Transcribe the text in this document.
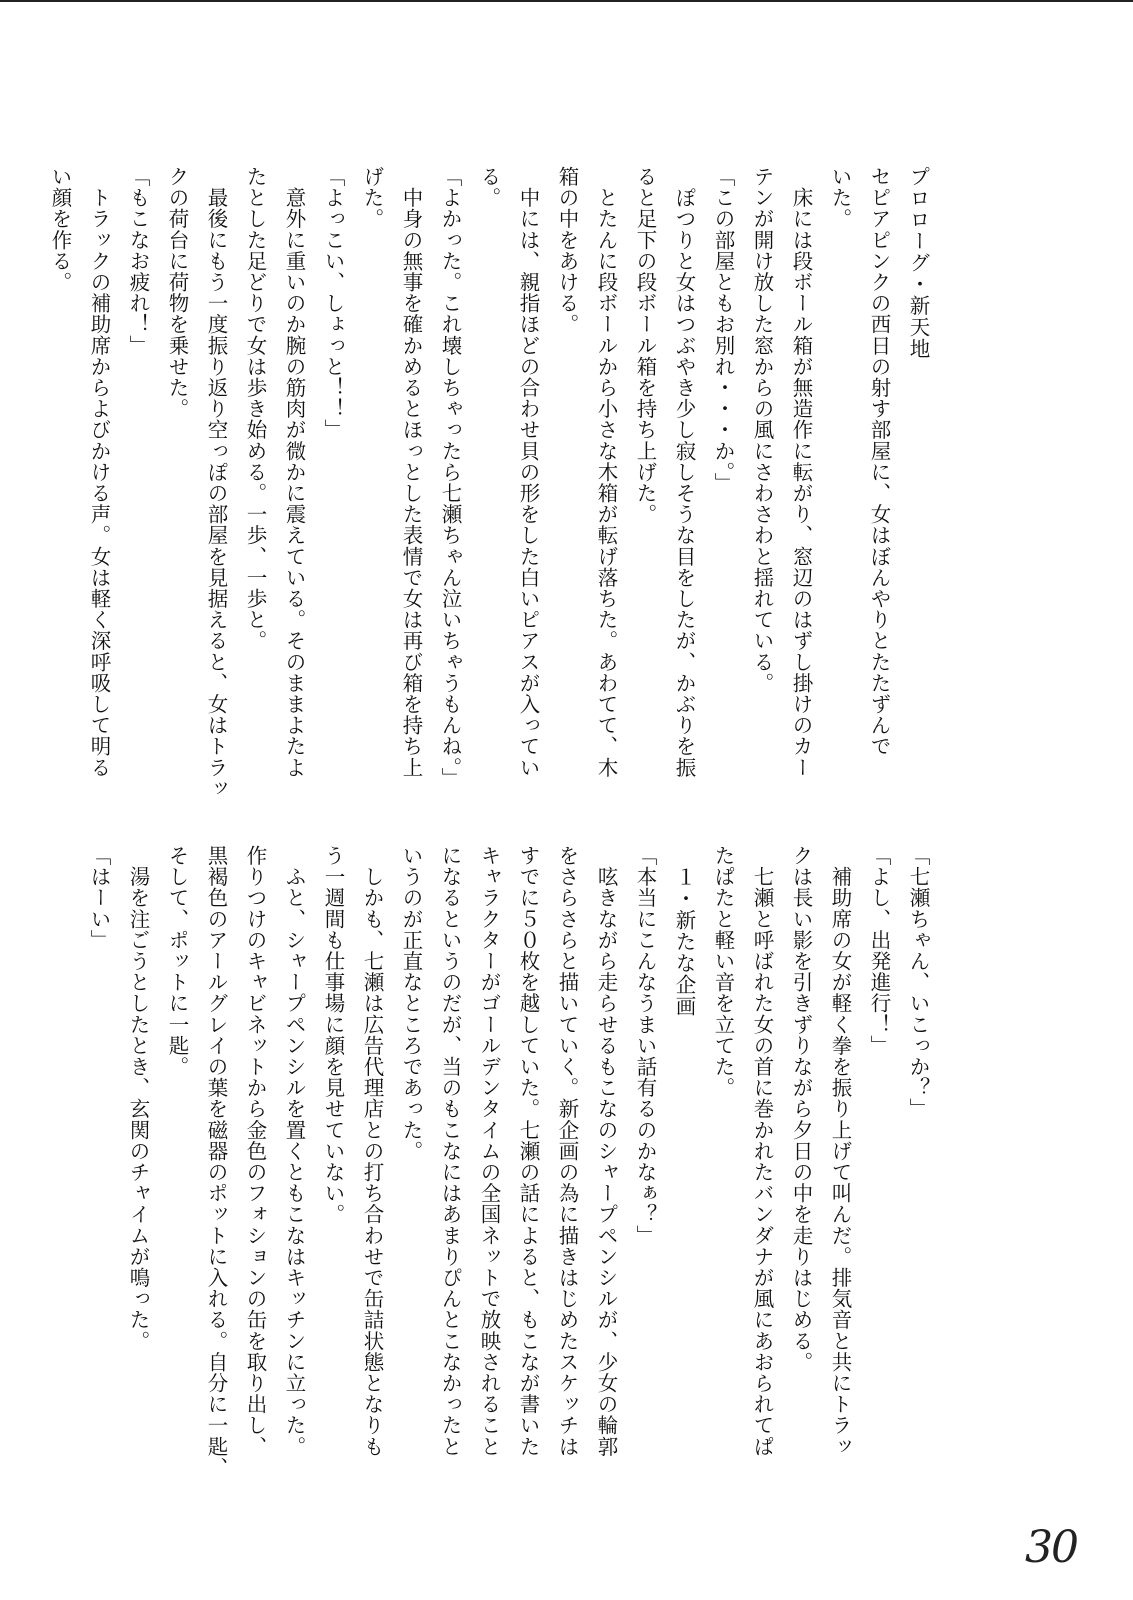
プロローグ・新天地
セピアピンクの西日の射す部屋に、女はぼんやりとたたずんで
いた。
　床には段ボール箱が無造作に転がり、窓辺のはずし掛けのカー
テンが開け放した窓からの風にさわさわと揺れている。
「この部屋ともお別れ・・・か。」
　ぽつりと女はつぶやき少し寂しそうな目をしたが、かぶりを振
ると足下の段ボール箱を持ち上げた。
　とたんに段ボールから小さな木箱が転げ落ちた。あわてて、木
箱の中をあける。
　中には、親指ほどの合わせ貝の形をした白いピアスが入ってい
る。
「よかった。これ壊しちゃったら七瀬ちゃん泣いちゃうもんね。」
　中身の無事を確かめるとほっとした表情で女は再び箱を持ち上
げた。
「よっこい、しょっと！！」
　意外に重いのか腕の筋肉が微かに震えている。そのままよたよ
たとした足どりで女は歩き始める。一歩、一歩と。
　最後にもう一度振り返り空っぽの部屋を見据えると、女はトラッ
クの荷台に荷物を乗せた。
「もこなお疲れ！」
　トラックの補助席からよびかける声。女は軽く深呼吸して明る
い顔を作る。
「七瀬ちゃん、いこっか？」
「よし、出発進行！」
　補助席の女が軽く拳を振り上げて叫んだ。排気音と共にトラッ
クは長い影を引きずりながら夕日の中を走りはじめる。
　七瀬と呼ばれた女の首に巻かれたバンダナが風にあおられてぱ
たぱたと軽い音を立てた。
　１・新たな企画
「本当にこんなうまい話有るのかなぁ？」
　呟きながら走らせるもこなのシャープペンシルが、少女の輪郭
をさらさらと描いていく。新企画の為に描きはじめたスケッチは
すでに５０枚を越していた。七瀬の話によると、もこなが書いた
キャラクターがゴールデンタイムの全国ネットで放映されること
になるというのだが、当のもこなにはあまりぴんとこなかったと
いうのが正直なところであった。
　しかも、七瀬は広告代理店との打ち合わせで缶詰状態となりも
う一週間も仕事場に顔を見せていない。
　ふと、シャープペンシルを置くともこなはキッチンに立った。
作りつけのキャビネットから金色のフォションの缶を取り出し、
黒褐色のアールグレイの葉を磁器のポットに入れる。自分に一匙、
そして、ポットに一匙。
　湯を注ごうとしたとき、玄関のチャイムが鳴った。
「はーい」
30
